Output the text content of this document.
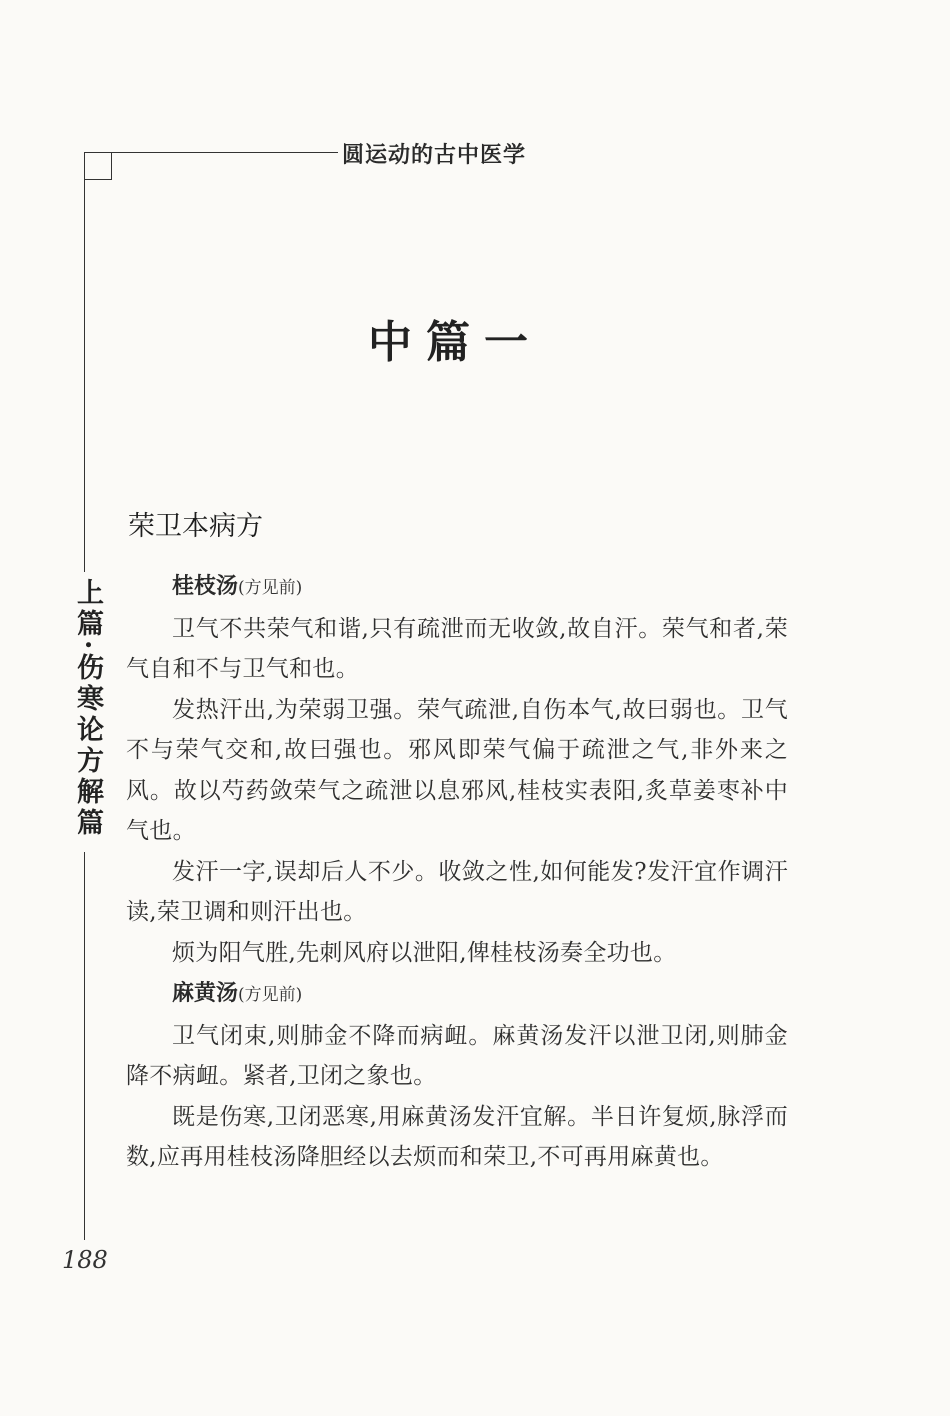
圆运动的古中医学
上篇·伤寒论方解篇
中篇一
荣卫本病方
桂枝汤(方见前)

卫气不共荣气和谐,只有疏泄而无收敛,故自汗。荣气和者,荣气自和不与卫气和也。

发热汗出,为荣弱卫强。荣气疏泄,自伤本气,故曰弱也。卫气不与荣气交和,故曰强也。邪风即荣气偏于疏泄之气,非外来之风。故以芍药敛荣气之疏泄以息邪风,桂枝实表阳,炙草姜枣补中气也。

发汗一字,误却后人不少。收敛之性,如何能发?发汗宜作调汗读,荣卫调和则汗出也。

烦为阳气胜,先刺风府以泄阳,俾桂枝汤奏全功也。

麻黄汤(方见前)

卫气闭束,则肺金不降而病衄。麻黄汤发汗以泄卫闭,则肺金降不病衄。紧者,卫闭之象也。

既是伤寒,卫闭恶寒,用麻黄汤发汗宜解。半日许复烦,脉浮而数,应再用桂枝汤降胆经以去烦而和荣卫,不可再用麻黄也。

188
